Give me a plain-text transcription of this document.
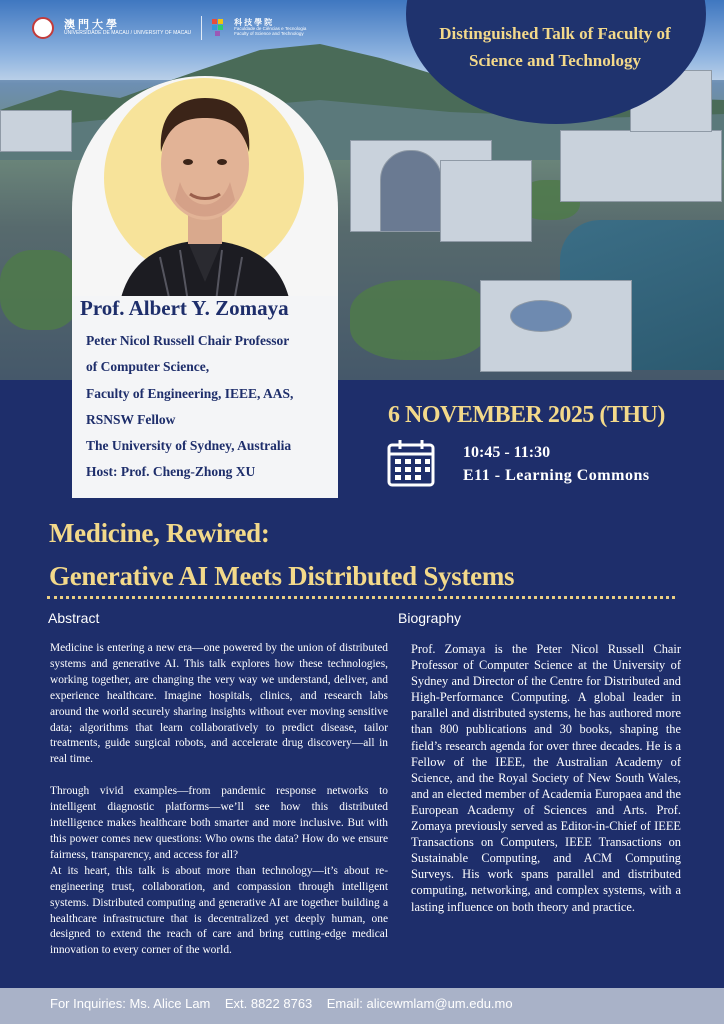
澳門大學
UNIVERSIDADE DE MACAU / UNIVERSITY OF MACAU
科技學院
Faculdade de Ciências e Tecnologia
Faculty of Science and Technology	Distinguished Talk of Faculty of Science and Technology
Prof. Albert Y. Zomaya
Peter Nicol Russell Chair Professor
of Computer Science,
Faculty of Engineering, IEEE, AAS,
RSNSW Fellow
The University of Sydney, Australia
Host: Prof. Cheng-Zhong XU
6 NOVEMBER 2025 (THU)
10:45 - 11:30
E11 - Learning Commons
Medicine, Rewired:
Generative AI Meets Distributed Systems
Abstract

Medicine is entering a new era—one powered by the union of distributed systems and generative AI. This talk explores how these technologies, working together, are changing the very way we understand, deliver, and experience healthcare. Imagine hospitals, clinics, and research labs around the world securely sharing insights without ever moving sensitive data; algorithms that learn collaboratively to predict disease, tailor treatments, guide surgical robots, and accelerate drug discovery—all in real time.

Through vivid examples—from pandemic response networks to intelligent diagnostic platforms—we’ll see how this distributed intelligence makes healthcare both smarter and more inclusive. But with this power comes new questions: Who owns the data? How do we ensure fairness, transparency, and access for all?

At its heart, this talk is about more than technology—it’s about re-engineering trust, collaboration, and compassion through intelligent systems. Distributed computing and generative AI are together building a healthcare infrastructure that is decentralized yet deeply human, one designed to extend the reach of care and bring cutting-edge medical innovation to every corner of the world.

Biography

Prof. Zomaya is the Peter Nicol Russell Chair Professor of Computer Science at the University of Sydney and Director of the Centre for Distributed and High-Performance Computing. A global leader in parallel and distributed systems, he has authored more than 800 publications and 30 books, shaping the field’s research agenda for over three decades. He is a Fellow of the IEEE, the Australian Academy of Science, and the Royal Society of New South Wales, and an elected member of Academia Europaea and the European Academy of Sciences and Arts. Prof. Zomaya previously served as Editor-in-Chief of IEEE Transactions on Computers, IEEE Transactions on Sustainable Computing, and ACM Computing Surveys. His work spans parallel and distributed computing, networking, and complex systems, with a lasting influence on both theory and practice.

For Inquiries: Ms. Alice Lam    Ext. 8822 8763    Email: alicewmlam@um.edu.mo
